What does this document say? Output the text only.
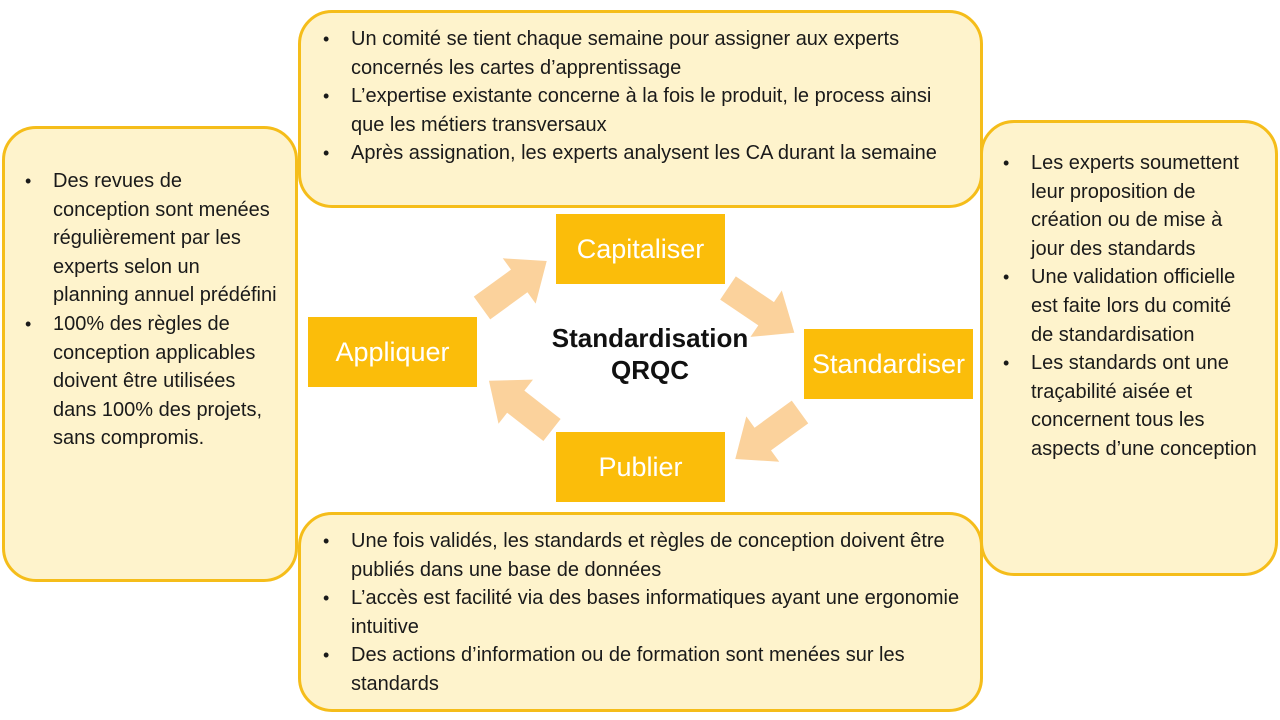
• Un comité se tient chaque semaine pour assigner aux experts concernés les cartes d’apprentissage
• L’expertise existante concerne à la fois le produit, le process ainsi que les métiers transversaux
• Après assignation, les experts analysent les CA durant la semaine
• Des revues de conception sont menées régulièrement par les experts selon un planning annuel prédéfini
• 100% des règles de conception applicables doivent être utilisées dans 100% des projets, sans compromis.
• Les experts soumettent leur proposition de création ou de mise à jour des standards
• Une validation officielle est faite lors du comité de standardisation
• Les standards ont une traçabilité aisée et concernent tous les aspects d’une conception
• Une fois validés, les standards et règles de conception doivent être publiés dans une base de données
• L’accès est facilité via des bases informatiques ayant une ergonomie intuitive
• Des actions d’information ou de formation sont menées sur les standards
Capitaliser
Standardiser
Publier
Appliquer	Standardisation
QRQC
